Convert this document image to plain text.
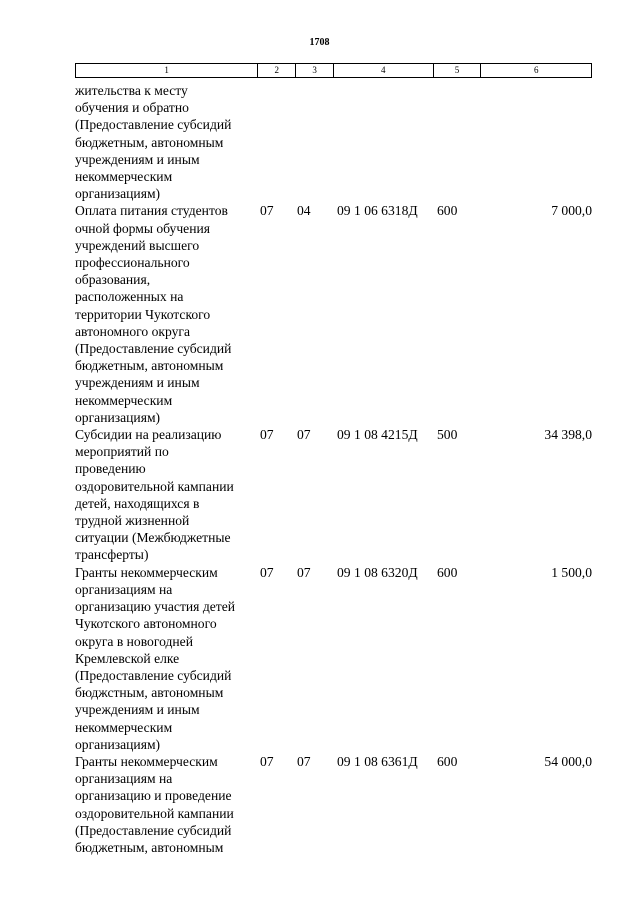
1708
1	2	3	4	5	6
жительства к месту
обучения и обратно
(Предоставление субсидий
бюджетным, автономным
учреждениям и иным
некоммерческим
организациям)
Оплата питания студентов
очной формы обучения
учреждений высшего
профессионального
образования,
расположенных на
территории Чукотского
автономного округа
(Предоставление субсидий
бюджетным, автономным
учреждениям и иным
некоммерческим
организациям)
07	04	09 1 06 6318Д	600	7 000,0
Субсидии на реализацию
мероприятий по
проведению
оздоровительной кампании
детей, находящихся в
трудной жизненной
ситуации (Межбюджетные
трансферты)
07	07	09 1 08 4215Д	500	34 398,0
Гранты некоммерческим
организациям на
организацию участия детей
Чукотского автономного
округа в новогодней
Кремлевской елке
(Предоставление субсидий
бюджстным, автономным
учреждениям и иным
некоммерческим
организациям)
07	07	09 1 08 6320Д	600	1 500,0
Гранты некоммерческим
организациям на
организацию и проведение
оздоровительной кампании
(Предоставление субсидий
бюджетным, автономным
07	07	09 1 08 6361Д	600	54 000,0
